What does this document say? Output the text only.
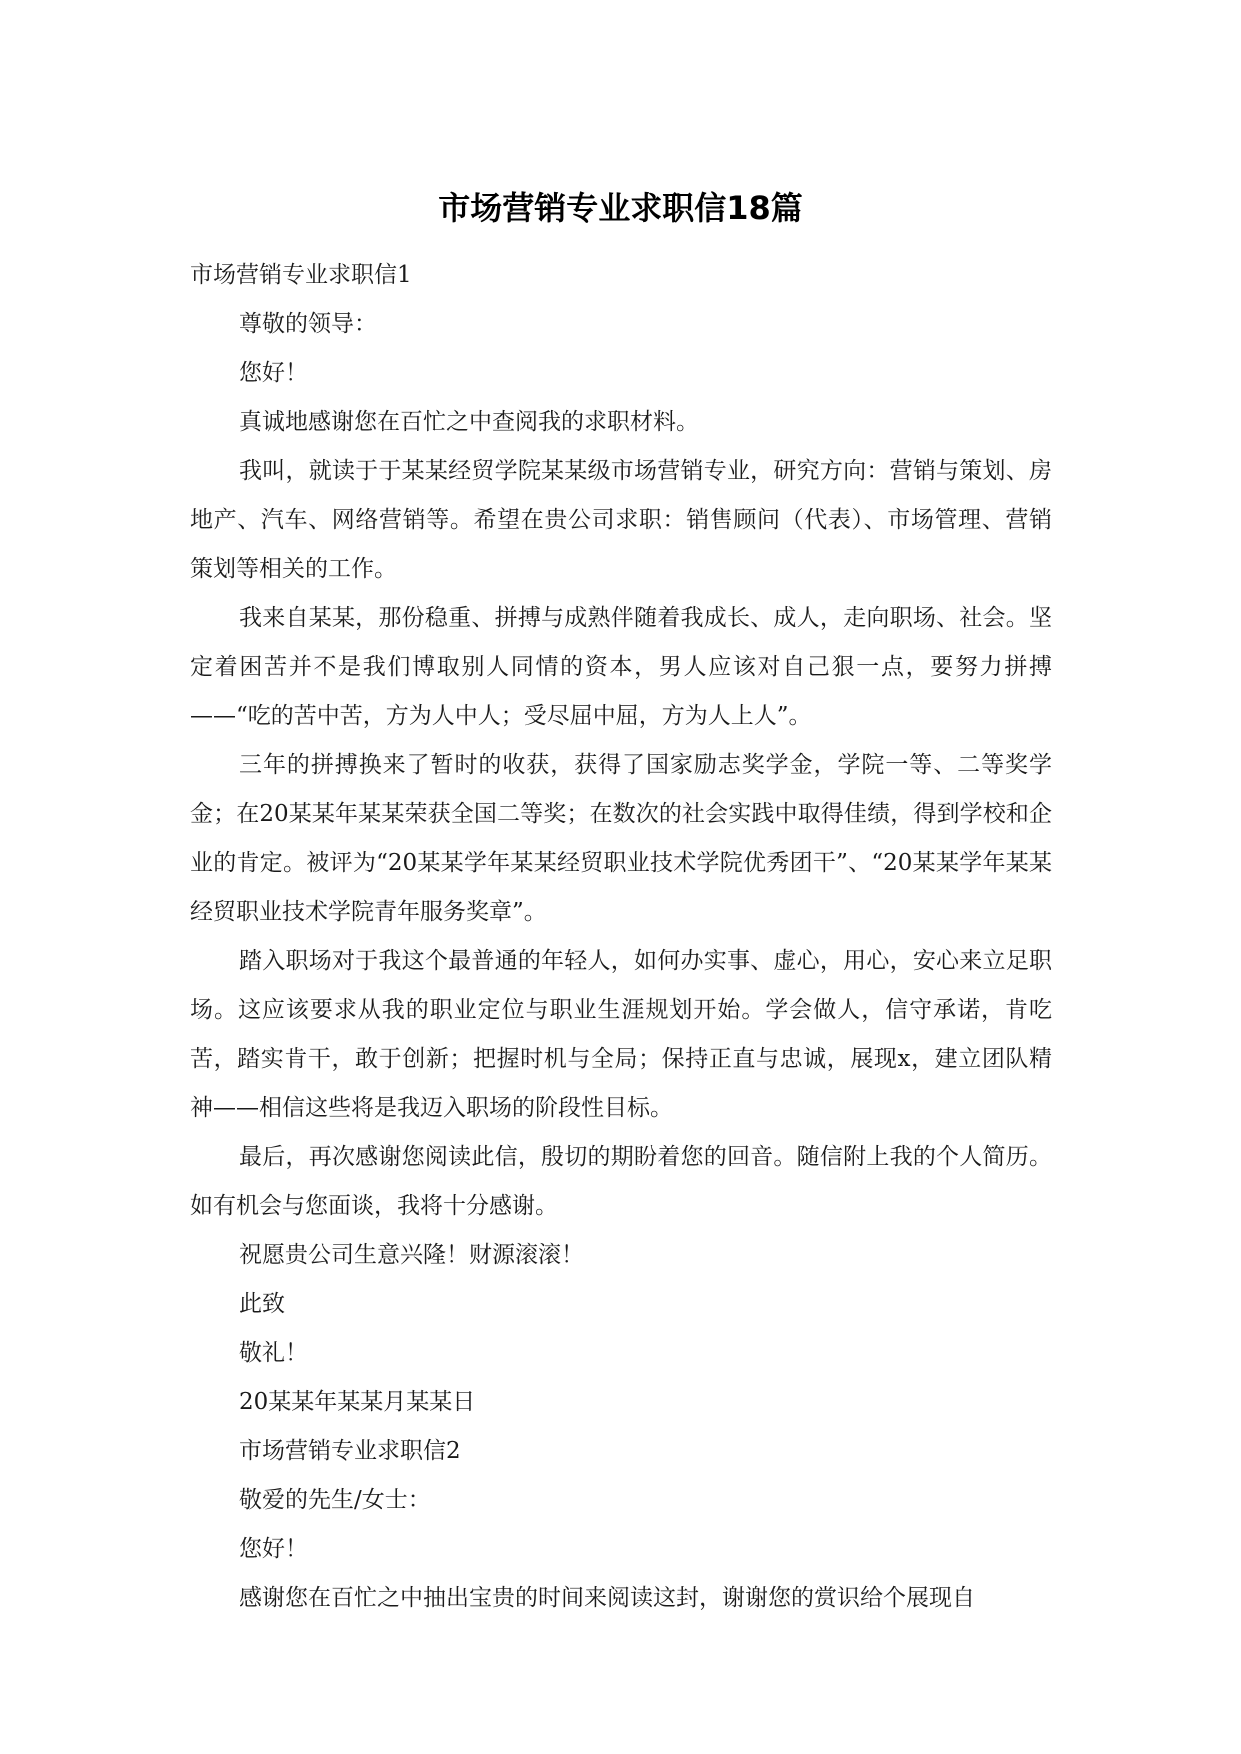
市场营销专业求职信18篇

市场营销专业求职信1

尊敬的领导：

您好！

真诚地感谢您在百忙之中查阅我的求职材料。

我叫，就读于于某某经贸学院某某级市场营销专业，研究方向：营销与策划、房地产、汽车、网络营销等。希望在贵公司求职：销售顾问（代表）、市场管理、营销策划等相关的工作。

我来自某某，那份稳重、拼搏与成熟伴随着我成长、成人，走向职场、社会。坚定着困苦并不是我们博取别人同情的资本，男人应该对自己狠一点，要努力拼搏——“吃的苦中苦，方为人中人；受尽屈中屈，方为人上人”。

三年的拼搏换来了暂时的收获，获得了国家励志奖学金，学院一等、二等奖学金；在20某某年某某荣获全国二等奖；在数次的社会实践中取得佳绩，得到学校和企业的肯定。被评为“20某某学年某某经贸职业技术学院优秀团干”、“20某某学年某某经贸职业技术学院青年服务奖章”。

踏入职场对于我这个最普通的年轻人，如何办实事、虚心，用心，安心来立足职场。这应该要求从我的职业定位与职业生涯规划开始。学会做人，信守承诺，肯吃苦，踏实肯干，敢于创新；把握时机与全局；保持正直与忠诚，展现x，建立团队精神——相信这些将是我迈入职场的阶段性目标。

最后，再次感谢您阅读此信，殷切的期盼着您的回音。随信附上我的个人简历。如有机会与您面谈，我将十分感谢。

祝愿贵公司生意兴隆！财源滚滚！

此致

敬礼！

20某某年某某月某某日

市场营销专业求职信2

敬爱的先生/女士：

您好！

感谢您在百忙之中抽出宝贵的时间来阅读这封，谢谢您的赏识给个展现自
